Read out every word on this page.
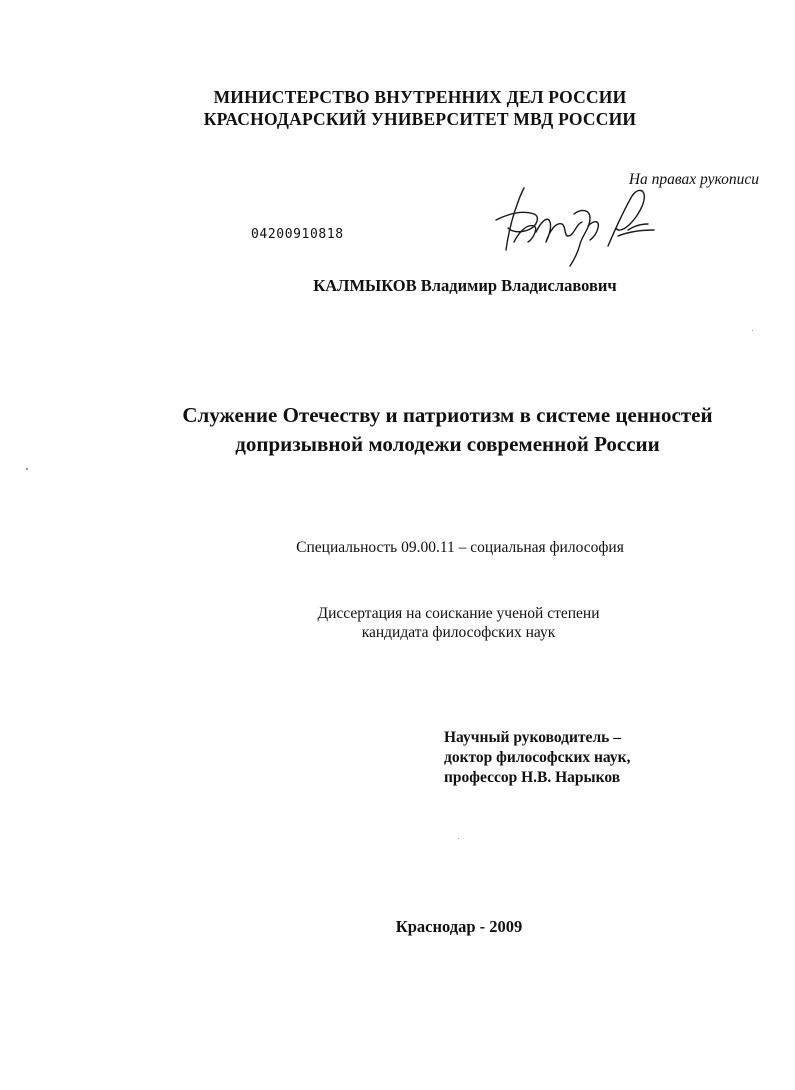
МИНИСТЕРСТВО ВНУТРЕННИХ ДЕЛ РОССИИ
КРАСНОДАРСКИЙ УНИВЕРСИТЕТ МВД РОССИИ
На правах рукописи
04200910818
КАЛМЫКОВ Владимир Владиславович
Служение Отечеству и патриотизм в системе ценностей
допризывной молодежи современной России
Специальность 09.00.11 – социальная философия
Диссертация на соискание ученой степени
кандидата философских наук
Научный руководитель –
доктор философских наук,
профессор Н.В. Нарыков
Краснодар - 2009
